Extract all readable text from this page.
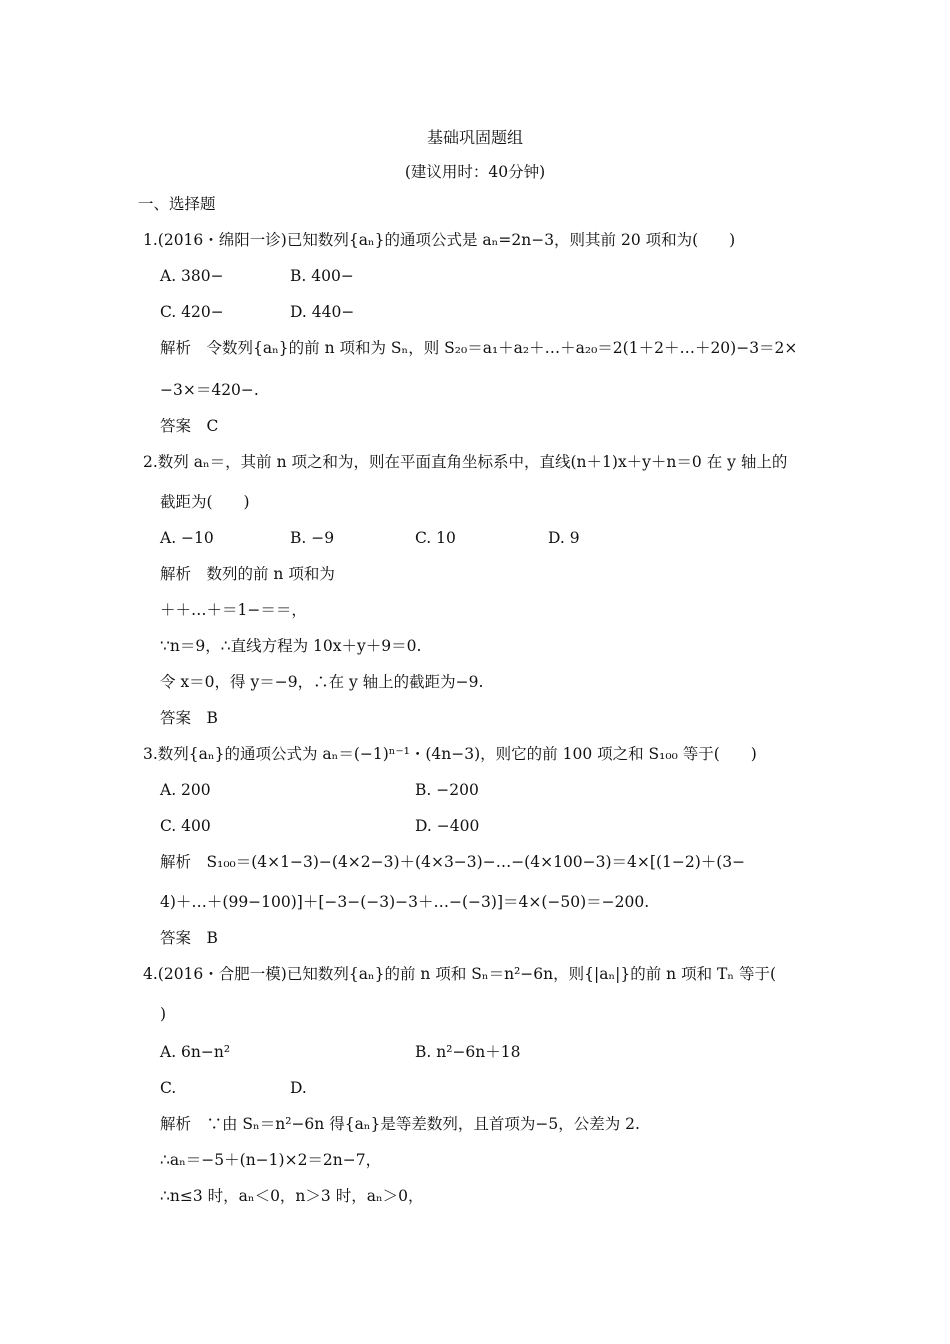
基础巩固题组
(建议用时：40分钟)
一、选择题
1.(2016・绵阳一诊)已知数列{aₙ}的通项公式是 aₙ=2n−3，则其前 20 项和为(　　)
A. 380−	B. 400−
C. 420−	D. 440−
解析　令数列{aₙ}的前 n 项和为 Sₙ，则 S₂₀＝a₁＋a₂＋…＋a₂₀＝2(1＋2＋…＋20)−3＝2×
−3×＝420−.
答案　C
2.数列 aₙ＝，其前 n 项之和为，则在平面直角坐标系中，直线(n＋1)x＋y＋n＝0 在 y 轴上的
截距为(　　)
A. −10	B. −9	C. 10	D. 9
解析　数列的前 n 项和为
＋＋…＋＝1−＝＝，
∵n＝9，∴直线方程为 10x＋y＋9＝0.
令 x＝0，得 y＝−9，∴在 y 轴上的截距为−9.
答案　B
3.数列{aₙ}的通项公式为 aₙ＝(−1)ⁿ⁻¹・(4n−3)，则它的前 100 项之和 S₁₀₀ 等于(　　)
A. 200	B. −200
C. 400	D. −400
解析　S₁₀₀＝(4×1−3)−(4×2−3)＋(4×3−3)−…−(4×100−3)＝4×[(1−2)＋(3−
4)＋…＋(99−100)]＋[−3−(−3)−3＋…−(−3)]＝4×(−50)＝−200.
答案　B
4.(2016・合肥一模)已知数列{aₙ}的前 n 项和 Sₙ＝n²−6n，则{|aₙ|}的前 n 项和 Tₙ 等于(
)
A. 6n−n²	B. n²−6n＋18
C.	D.
解析　∵由 Sₙ＝n²−6n 得{aₙ}是等差数列，且首项为−5，公差为 2.
∴aₙ＝−5＋(n−1)×2＝2n−7，
∴n≤3 时，aₙ＜0，n＞3 时，aₙ＞0，
